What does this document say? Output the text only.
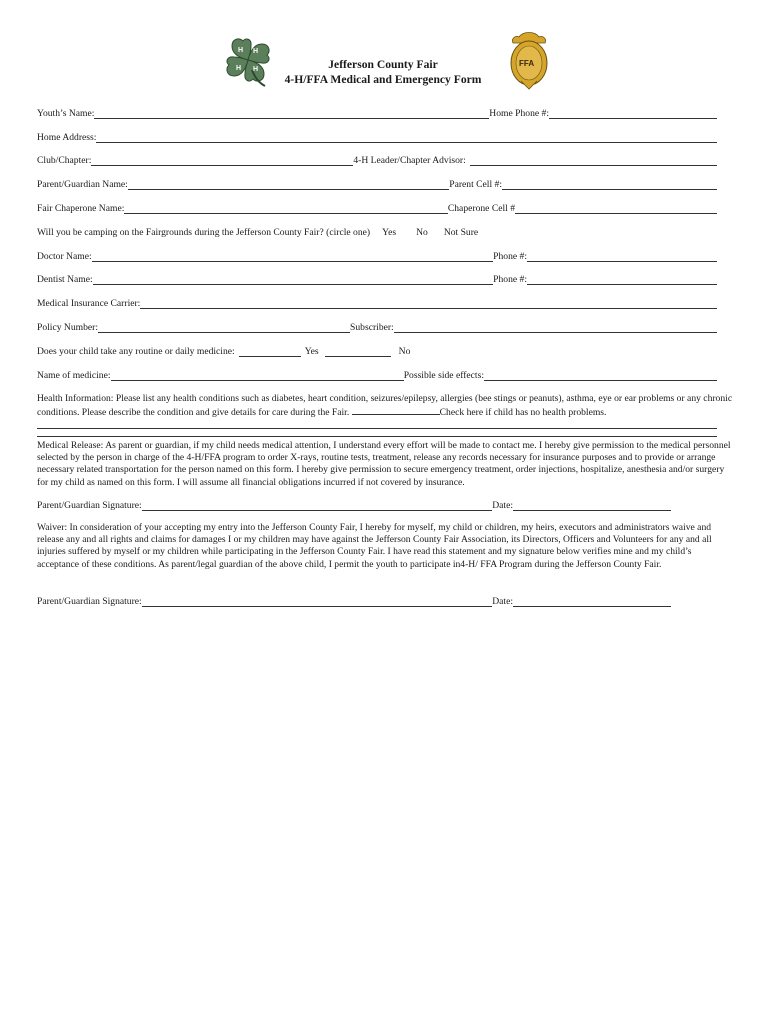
H H
H
H
FFA
Jefferson County Fair
4-H/FFA Medical and Emergency Form
Youth’s Name:	Home Phone #:
Home Address:
Club/Chapter:	4-H Leader/Chapter Advisor:
Parent/Guardian Name:	Parent Cell #:
Fair Chaperone Name:	Chaperone Cell #
Will you be camping on the Fairgrounds during the Jefferson County Fair? (circle one) Yes No Not Sure
Doctor Name:	Phone #:
Dentist Name:	Phone #:
Medical Insurance Carrier:
Policy Number:	Subscriber:
Does your child take any routine or daily medicine:	Yes	No
Name of medicine:	Possible side effects:
Health Information: Please list any health conditions such as diabetes, heart condition, seizures/epilepsy, allergies (bee stings or peanuts), asthma, eye or ear problems or any chronic conditions. Please describe the condition and give details for care during the Fair.	Check here if child has no health problems.
Medical Release: As parent or guardian, if my child needs medical attention, I understand every effort will be made to contact me. I hereby give permission to the medical personnel selected by the person in charge of the 4-H/FFA program to order X-rays, routine tests, treatment, release any records necessary for insurance purposes and to provide or arrange necessary related transportation for the person named on this form. I hereby give permission to secure emergency treatment, order injections, hospitalize, anesthesia and/or surgery for my child as named on this form. I will assume all financial obligations incurred if not covered by insurance.
Parent/Guardian Signature:	Date:
Waiver: In consideration of your accepting my entry into the Jefferson County Fair, I hereby for myself, my child or children, my heirs, executors and administrators waive and release any and all rights and claims for damages I or my children may have against the Jefferson County Fair Association, its Directors, Officers and Volunteers for any and all injuries suffered by myself or my children while participating in the Jefferson County Fair. I have read this statement and my signature below verifies mine and my child’s acceptance of these conditions. As parent/legal guardian of the above child, I permit the youth to participate in4-H/ FFA Program during the Jefferson County Fair.
Parent/Guardian Signature:	Date:
